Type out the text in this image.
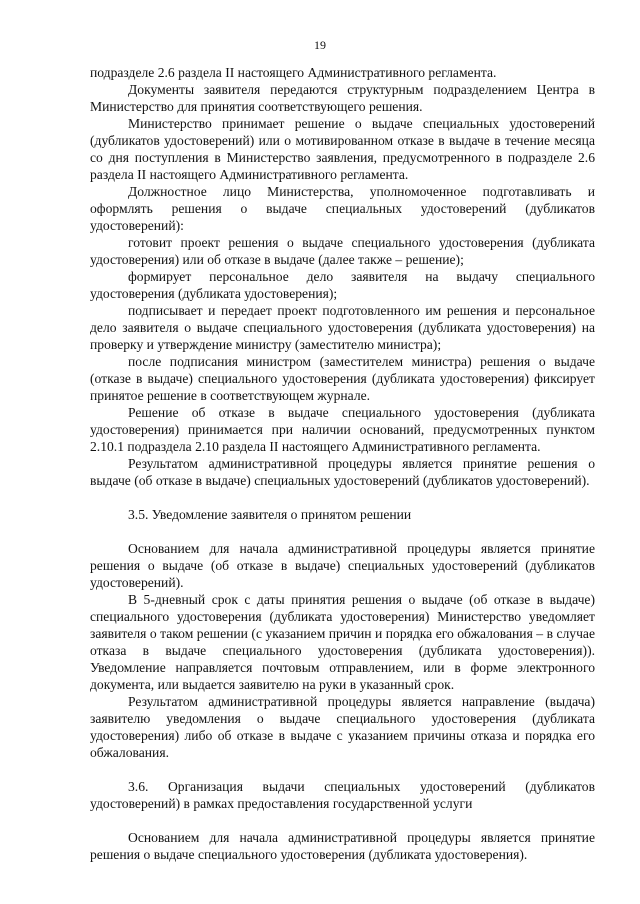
19

подразделе 2.6 раздела II настоящего Административного регламента.

Документы заявителя передаются структурным подразделением Центра в Министерство для принятия соответствующего решения.

Министерство принимает решение о выдаче специальных удостоверений (дубликатов удостоверений) или о мотивированном отказе в выдаче в течение месяца со дня поступления в Министерство заявления, предусмотренного в подразделе 2.6 раздела II настоящего Административного регламента.

Должностное лицо Министерства, уполномоченное подготавливать и оформлять решения о выдаче специальных удостоверений (дубликатов удостоверений):

готовит проект решения о выдаче специального удостоверения (дубликата удостоверения) или об отказе в выдаче (далее также – решение);

формирует персональное дело заявителя на выдачу специального удостоверения (дубликата удостоверения);

подписывает и передает проект подготовленного им решения и персональное дело заявителя о выдаче специального удостоверения (дубликата удостоверения) на проверку и утверждение министру (заместителю министра);

после подписания министром (заместителем министра) решения о выдаче (отказе в выдаче) специального удостоверения (дубликата удостоверения) фиксирует принятое решение в соответствующем журнале.

Решение об отказе в выдаче специального удостоверения (дубликата удостоверения) принимается при наличии оснований, предусмотренных пунктом 2.10.1 подраздела 2.10 раздела II настоящего Административного регламента.

Результатом административной процедуры является принятие решения о выдаче (об отказе в выдаче) специальных удостоверений (дубликатов удостоверений).

3.5. Уведомление заявителя о принятом решении

Основанием для начала административной процедуры является принятие решения о выдаче (об отказе в выдаче) специальных удостоверений (дубликатов удостоверений).

В 5-дневный срок с даты принятия решения о выдаче (об отказе в выдаче) специального удостоверения (дубликата удостоверения) Министерство уведомляет заявителя о таком решении (с указанием причин и порядка его обжалования – в случае отказа в выдаче специального удостоверения (дубликата удостоверения)). Уведомление направляется почтовым отправлением, или в форме электронного документа, или выдается заявителю на руки в указанный срок.

Результатом административной процедуры является направление (выдача) заявителю уведомления о выдаче специального удостоверения (дубликата удостоверения) либо об отказе в выдаче с указанием причины отказа и порядка его обжалования.

3.6. Организация выдачи специальных удостоверений (дубликатов удостоверений) в рамках предоставления государственной услуги

Основанием для начала административной процедуры является принятие решения о выдаче специального удостоверения (дубликата удостоверения).
